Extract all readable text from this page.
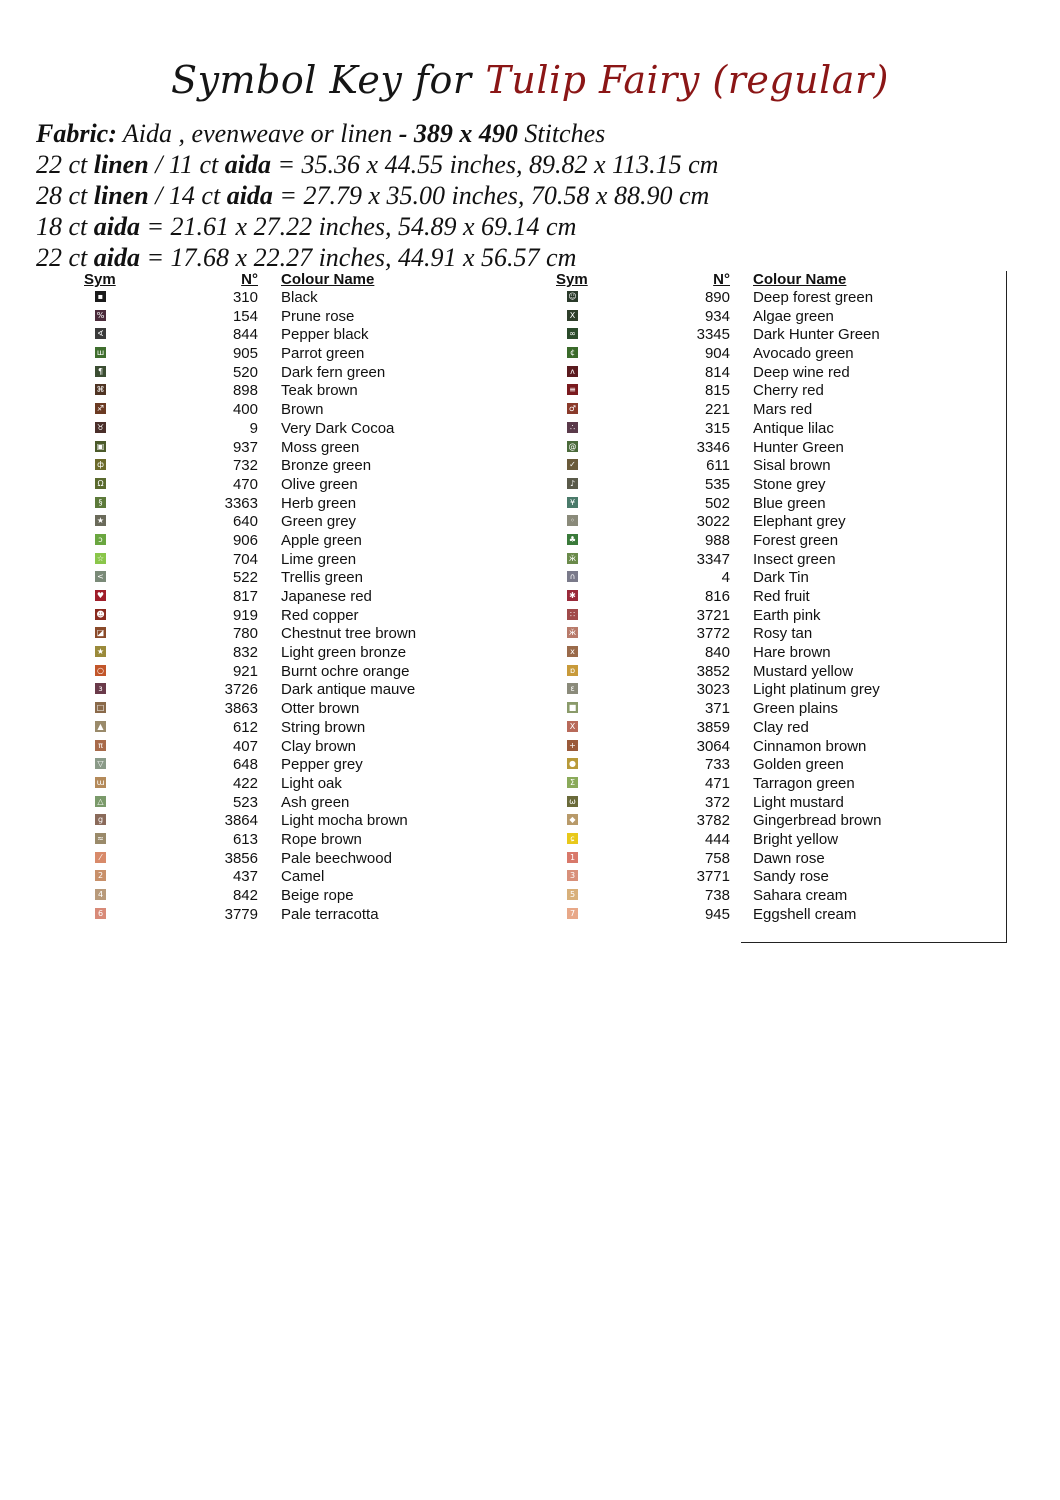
Symbol Key for Tulip Fairy (regular)
Fabric: Aida , evenweave or linen - 389 x 490 Stitches
22 ct linen / 11 ct aida = 35.36 x 44.55 inches, 89.82 x 113.15 cm
28 ct linen / 14 ct aida = 27.79 x 35.00 inches, 70.58 x 88.90 cm
18 ct aida = 21.61 x 27.22 inches, 54.89 x 69.14 cm
22 ct aida = 17.68 x 22.27 inches, 44.91 x 56.57 cm
Sym	N° Colour Name
▪	310 Black
%	154 Prune rose
∢	844 Pepper black
ш	905 Parrot green
¶	520 Dark fern green
⌘	898 Teak brown
♐	400 Brown
♉	9 Very Dark Cocoa
▣	937 Moss green
ф	732 Bronze green
Ω	470 Olive green
§	3363 Herb green
★	640 Green grey
ↄ	906 Apple green
☆	704 Lime green
<	522 Trellis green
♥	817 Japanese red
☻	919 Red copper
◪	780 Chestnut tree brown
★	832 Light green bronze
○	921 Burnt ochre orange
ɜ	3726 Dark antique mauve
□	3863 Otter brown
▲	612 String brown
π	407 Clay brown
▽	648 Pepper grey
ɯ	422 Light oak
△	523 Ash green
g	3864 Light mocha brown
≈	613 Rope brown
⁄	3856 Pale beechwood
2	437 Camel
4	842 Beige rope
6	3779 Pale terracotta
Sym	N° Colour Name
☺	890 Deep forest green
X	934 Algae green
∞	3345 Dark Hunter Green
¢	904 Avocado green
ʌ	814 Deep wine red
≡	815 Cherry red
♂	221 Mars red
∴	315 Antique lilac
@	3346 Hunter Green
✓	611 Sisal brown
♪	535 Stone grey
¥	502 Blue green
◦	3022 Elephant grey
♣	988 Forest green
ӂ	3347 Insect green
∩	4 Dark Tin
✱	816 Red fruit
∷	3721 Earth pink
ӂ	3772 Rosy tan
x	840 Hare brown
ɒ	3852 Mustard yellow
ɛ	3023 Light platinum grey
■	371 Green plains
X	3859 Clay red
+	3064 Cinnamon brown
●	733 Golden green
Σ	471 Tarragon green
ω	372 Light mustard
◆	3782 Gingerbread brown
ɕ	444 Bright yellow
1	758 Dawn rose
3	3771 Sandy rose
5	738 Sahara cream
7	945 Eggshell cream
